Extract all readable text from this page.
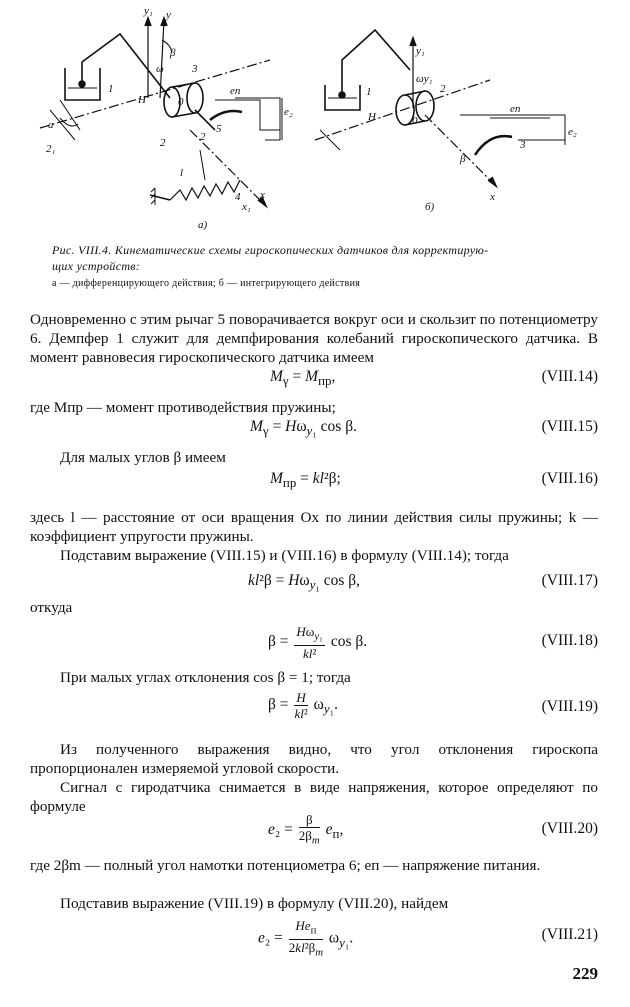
а)
б)
1
2
3
4
5
0
H
y₁ y
ω
β
eп
e₂
x
x₁
l
2₁
a
2
1	2
3
0
H
y₁
ωy₁
β
eп
e₂
x
Рис. VIII.4. Кинематические схемы гироскопических датчиков для корректирую-
щих устройств:
а — дифференцирующего действия; б — интегрирующего действия
Одновременно с этим рычаг 5 поворачивается вокруг оси и скользит по потенциометру 6. Демпфер 1 служит для демпфирования колебаний гироскопического датчика. В момент равновесия гироскопического датчика имеем
$M_\gamma = M_{пр}$,	(VIII.14)
где Mпр — момент противодействия пружины;
$M_\gamma = H\omega_{y_1}$ cos β.	(VIII.15)
Для малых углов β имеем
$M_{пр} = kl^2\beta$;	(VIII.16)
здесь l — расстояние от оси вращения Ox по линии действия силы пружины; k — коэффициент упругости пружины.
Подставим выражение (VIII.15) и (VIII.16) в формулу (VIII.14); тогда
$kl^2\beta = H\omega_{y_1}$ cos β,	(VIII.17)
откуда
$\beta = \frac{H\omega_{y_1}}{\text{kl²}}$ cos β.	(VIII.18)
При малых углах отклонения cos β = 1; тогда
$\beta = \frac{H}{\text{kl²}} \omega_{y_1}$.	(VIII.19)
Из полученного выражения видно, что угол отклонения гироскопа пропорционален измеряемой угловой скорости.
Сигнал с гиродатчика снимается в виде напряжения, которое определяют по формуле
$e_2 = \frac{\beta}{2\beta_m} e_п$,	(VIII.20)
где 2βm — полный угол намотки потенциометра 6; eп — напряжение питания.
Подставив выражение (VIII.19) в формулу (VIII.20), найдем
$e_2 = \frac{He_п}{2kl^2\beta_m} \omega_{y_1}$.	(VIII.21)
229
